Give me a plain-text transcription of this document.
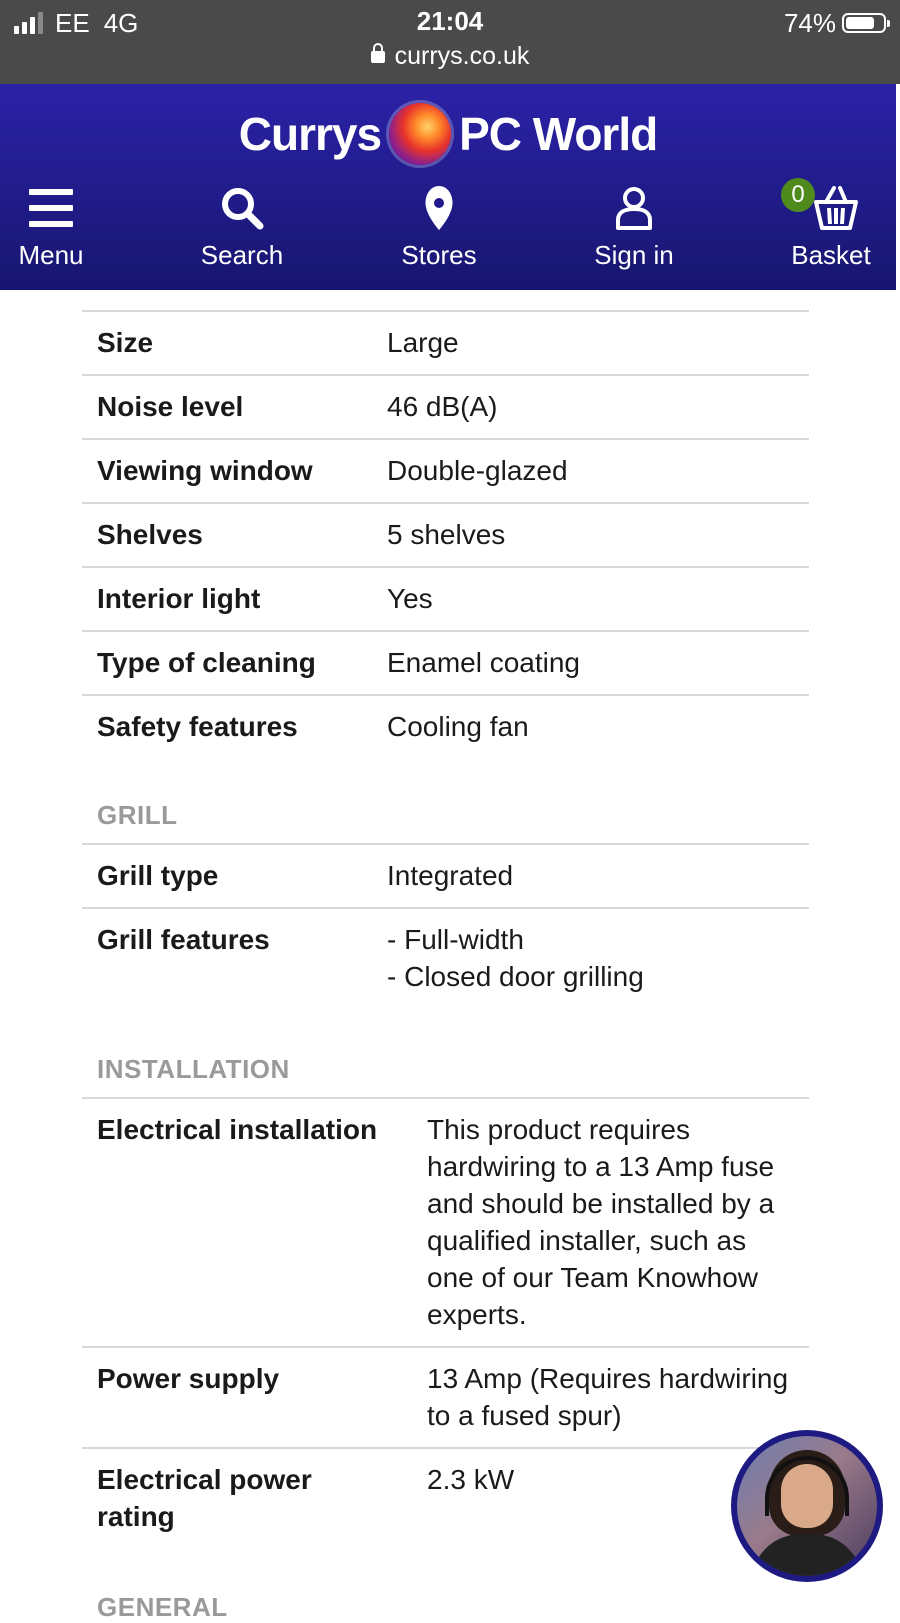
EE 4G	21:04
currys.co.uk
74%
Currys PC World
Menu	Search	Stores	Sign in
0
Basket
Size	Large
Noise level	46 dB(A)
Viewing window	Double-glazed
Shelves	5 shelves
Interior light	Yes
Type of cleaning	Enamel coating
Safety features	Cooling fan
GRILL
Grill type	Integrated
Grill features	- Full-width
- Closed door grilling
INSTALLATION
Electrical installation	This product requires hardwiring to a 13 Amp fuse and should be installed by a qualified installer, such as one of our Team Knowhow experts.
Power supply	13 Amp (Requires hardwiring to a fused spur)
Electrical power rating	2.3 kW
GENERAL
